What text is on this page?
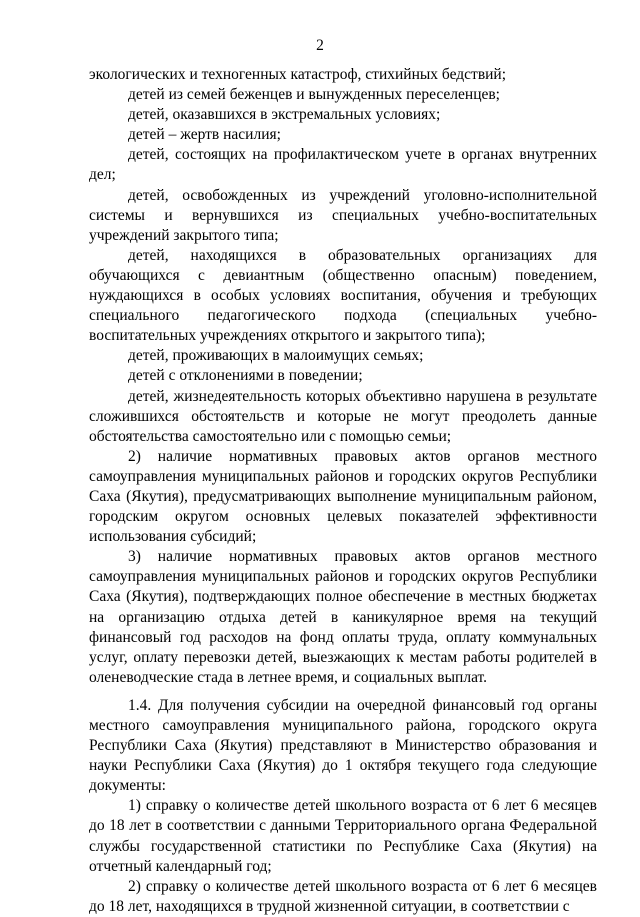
2

экологических и техногенных катастроф, стихийных бедствий;

детей из семей беженцев и вынужденных переселенцев;

детей, оказавшихся в экстремальных условиях;

детей – жертв насилия;

детей, состоящих на профилактическом учете в органах внутренних дел;

детей, освобожденных из учреждений уголовно-исполнительной системы и вернувшихся из специальных учебно-воспитательных учреждений закрытого типа;

детей, находящихся в образовательных организациях для обучающихся с девиантным (общественно опасным) поведением, нуждающихся в особых условиях воспитания, обучения и требующих специального педагогического подхода (специальных учебно-воспитательных учреждениях открытого и закрытого типа);

детей, проживающих в малоимущих семьях;

детей с отклонениями в поведении;

детей, жизнедеятельность которых объективно нарушена в результате сложившихся обстоятельств и которые не могут преодолеть данные обстоятельства самостоятельно или с помощью семьи;

2) наличие нормативных правовых актов органов местного самоуправления муниципальных районов и городских округов Республики Саха (Якутия), предусматривающих выполнение муниципальным районом, городским округом основных целевых показателей эффективности использования субсидий;

3) наличие нормативных правовых актов органов местного самоуправления муниципальных районов и городских округов Республики Саха (Якутия), подтверждающих полное обеспечение в местных бюджетах на организацию отдыха детей в каникулярное время на текущий финансовый год расходов на фонд оплаты труда, оплату коммунальных услуг, оплату перевозки детей, выезжающих к местам работы родителей в оленеводческие стада в летнее время, и социальных выплат.

1.4. Для получения субсидии на очередной финансовый год органы местного самоуправления муниципального района, городского округа Республики Саха (Якутия) представляют в Министерство образования и науки Республики Саха (Якутия) до 1 октября текущего года следующие документы:

1) справку о количестве детей школьного возраста от 6 лет 6 месяцев до 18 лет в соответствии с данными Территориального органа Федеральной службы государственной статистики по Республике Саха (Якутия) на отчетный календарный год;

2) справку о количестве детей школьного возраста от 6 лет 6 месяцев до 18 лет, находящихся в трудной жизненной ситуации, в соответствии с
